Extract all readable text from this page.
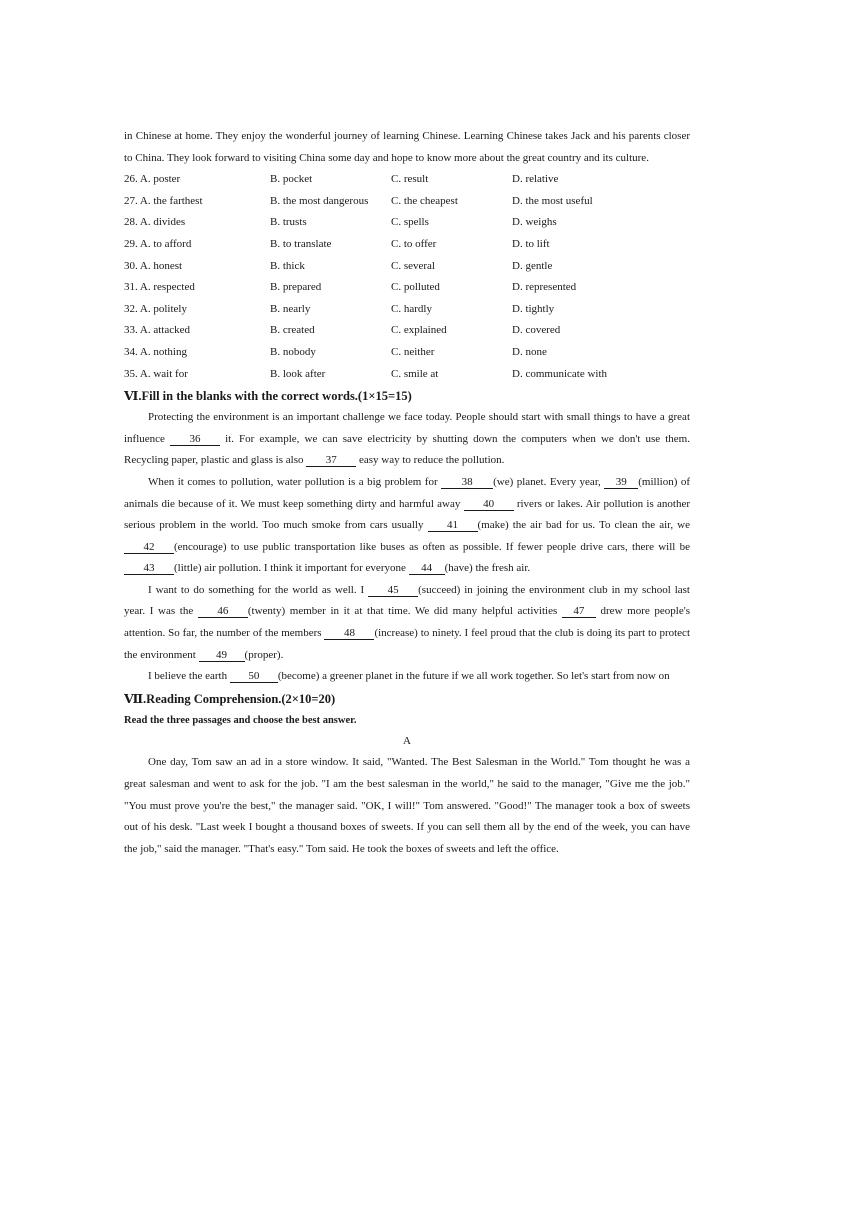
in Chinese at home. They enjoy the wonderful journey of learning Chinese. Learning Chinese takes Jack and his parents closer to China. They look forward to visiting China some day and hope to know more about the great country and its culture.

26. A. poster	B. pocket	C. result	D. relative
27. A. the farthest	B. the most dangerous	C. the cheapest	D. the most useful
28. A. divides	B. trusts	C. spells	D. weighs
29. A. to afford	B. to translate	C. to offer	D. to lift
30. A. honest	B. thick	C. several	D. gentle
31. A. respected	B. prepared	C. polluted	D. represented
32. A. politely	B. nearly	C. hardly	D. tightly
33. A. attacked	B. created	C. explained	D. covered
34. A. nothing	B. nobody	C. neither	D. none
35. A. wait for	B. look after	C. smile at	D. communicate with

Ⅵ.Fill in the blanks with the correct words.(1×15=15)

Protecting the environment is an important challenge we face today. People should start with small things to have a great influence 36 it. For example, we can save electricity by shutting down the computers when we don't use them. Recycling paper, plastic and glass is also 37 easy way to reduce the pollution.

When it comes to pollution, water pollution is a big problem for 38 (we) planet. Every year, 39 (million) of animals die because of it. We must keep something dirty and harmful away 40 rivers or lakes. Air pollution is another serious problem in the world. Too much smoke from cars usually 41 (make) the air bad for us. To clean the air, we 42 (encourage) to use public transportation like buses as often as possible. If fewer people drive cars, there will be 43 (little) air pollution. I think it important for everyone 44 (have) the fresh air.

I want to do something for the world as well. I 45 (succeed) in joining the environment club in my school last year. I was the 46 (twenty) member in it at that time. We did many helpful activities 47 drew more people's attention. So far, the number of the members 48 (increase) to ninety. I feel proud that the club is doing its part to protect the environment 49 (proper).

I believe the earth 50 (become) a greener planet in the future if we all work together. So let's start from now on

Ⅶ.Reading Comprehension.(2×10=20)

Read the three passages and choose the best answer.

A

One day, Tom saw an ad in a store window. It said, "Wanted. The Best Salesman in the World." Tom thought he was a great salesman and went to ask for the job. "I am the best salesman in the world," he said to the manager, "Give me the job." "You must prove you're the best," the manager said. "OK, I will!" Tom answered. "Good!" The manager took a box of sweets out of his desk. "Last week I bought a thousand boxes of sweets. If you can sell them all by the end of the week, you can have the job," said the manager. "That's easy." Tom said. He took the boxes of sweets and left the office.
